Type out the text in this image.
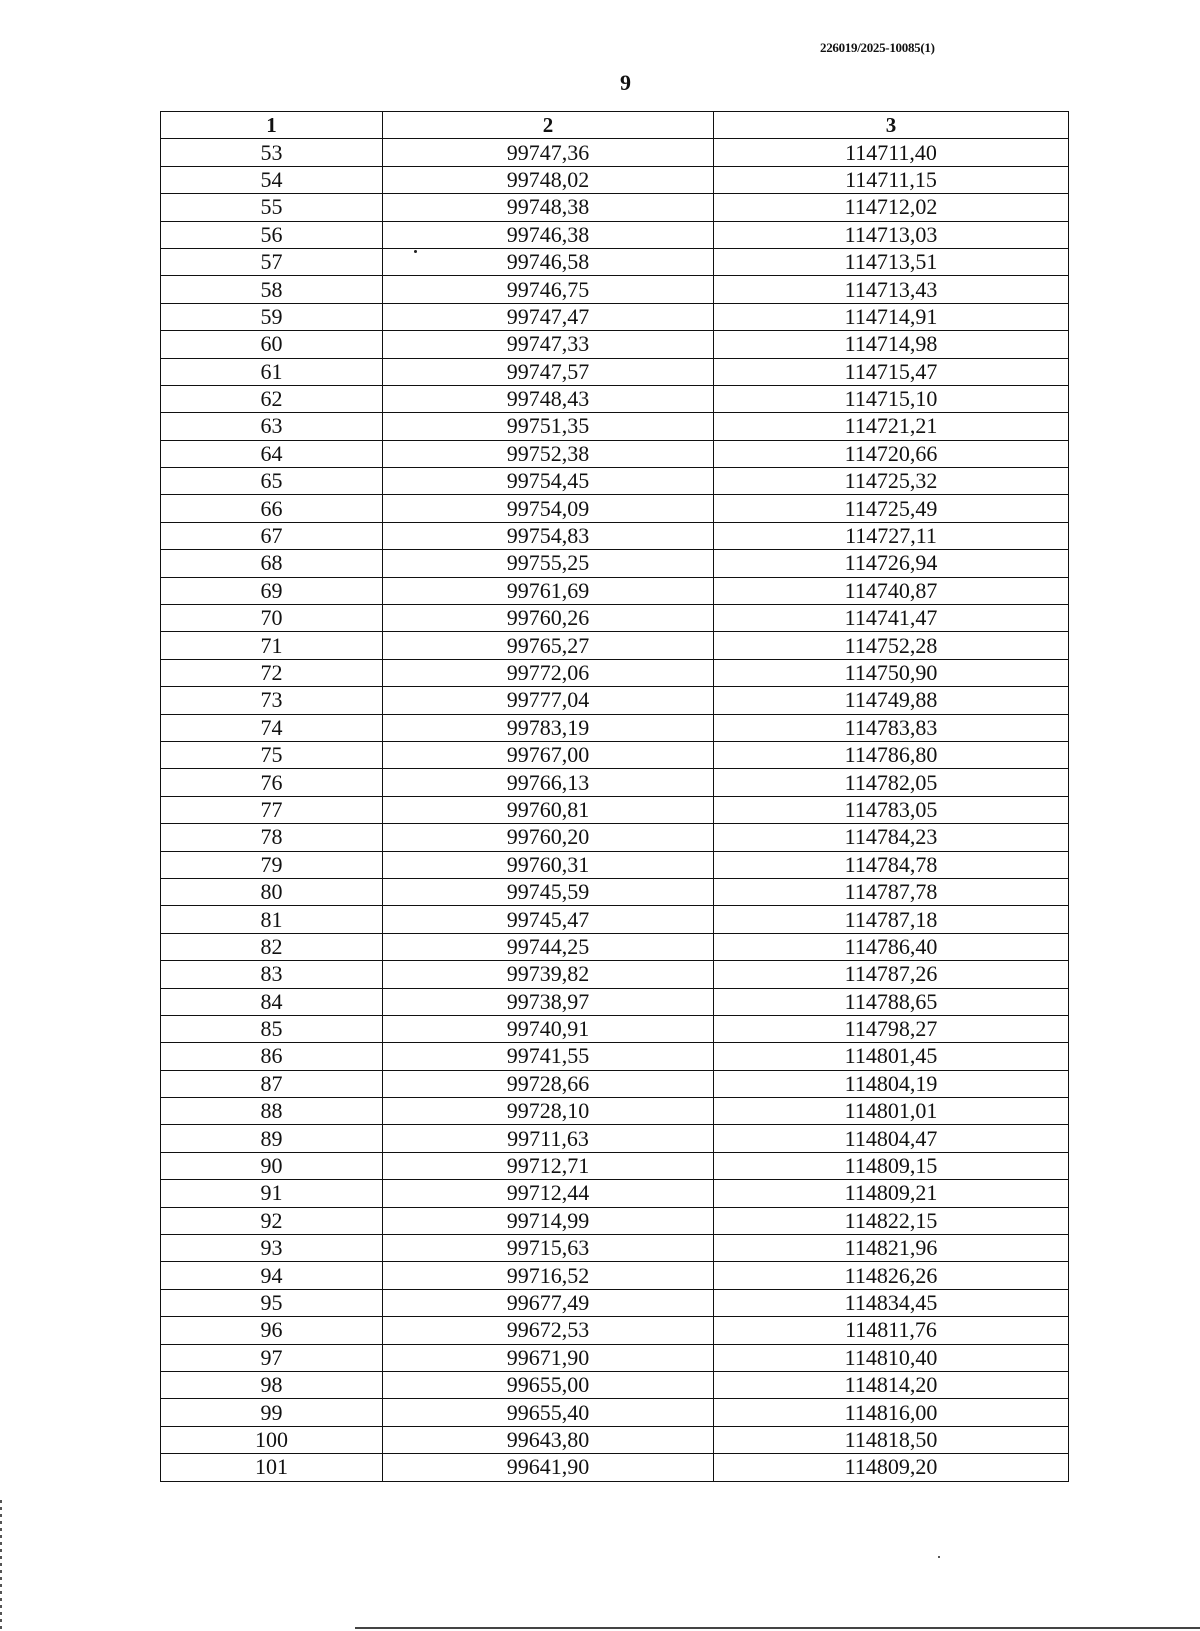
226019/2025-10085(1)
9
1	2	3
53	99747,36	114711,40
54	99748,02	114711,15
55	99748,38	114712,02
56	99746,38	114713,03
57	99746,58	114713,51
58	99746,75	114713,43
59	99747,47	114714,91
60	99747,33	114714,98
61	99747,57	114715,47
62	99748,43	114715,10
63	99751,35	114721,21
64	99752,38	114720,66
65	99754,45	114725,32
66	99754,09	114725,49
67	99754,83	114727,11
68	99755,25	114726,94
69	99761,69	114740,87
70	99760,26	114741,47
71	99765,27	114752,28
72	99772,06	114750,90
73	99777,04	114749,88
74	99783,19	114783,83
75	99767,00	114786,80
76	99766,13	114782,05
77	99760,81	114783,05
78	99760,20	114784,23
79	99760,31	114784,78
80	99745,59	114787,78
81	99745,47	114787,18
82	99744,25	114786,40
83	99739,82	114787,26
84	99738,97	114788,65
85	99740,91	114798,27
86	99741,55	114801,45
87	99728,66	114804,19
88	99728,10	114801,01
89	99711,63	114804,47
90	99712,71	114809,15
91	99712,44	114809,21
92	99714,99	114822,15
93	99715,63	114821,96
94	99716,52	114826,26
95	99677,49	114834,45
96	99672,53	114811,76
97	99671,90	114810,40
98	99655,00	114814,20
99	99655,40	114816,00
100	99643,80	114818,50
101	99641,90	114809,20
